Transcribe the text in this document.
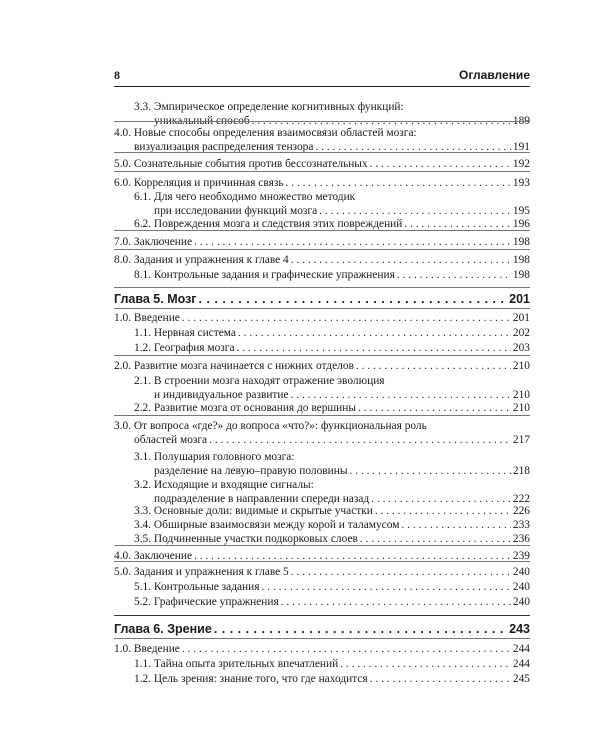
8	Оглавление
3.3. Эмпирическое определение когнитивных функций:
уникальный способ . . .	189
4.0. Новые способы определения взаимосвязи областей мозга:
визуализация распределения тензора . . .	191
5.0. Сознательные события против бессознательных . . .	192
6.0. Корреляция и причинная связь . . .	193
6.1. Для чего необходимо множество методик
при исследовании функций мозга . . .	195
6.2. Повреждения мозга и следствия этих повреждений . . .	196
7.0. Заключение . . .	198
8.0. Задания и упражнения к главе 4 . . .	198
8.1. Контрольные задания и графические упражнения . . .	198
Глава 5. Мозг . . .	201
1.0. Введение . . .	201
1.1. Нервная система . . .	202
1.2. География мозга . . .	203
2.0. Развитие мозга начинается с нижних отделов . . .	210
2.1. В строении мозга находят отражение эволюция
и индивидуальное развитие . . .	210
2.2. Развитие мозга от основания до вершины . . .	210
3.0. От вопроса «где?» до вопроса «что?»: функциональная роль
областей мозга . . .	217
3.1. Полушария головного мозга:
разделение на левую–правую половины . . .	218
3.2. Исходящие и входящие сигналы:
подразделение в направлении спереди назад . . .	222
3.3. Основные доли: видимые и скрытые участки . . .	226
3.4. Обширные взаимосвязи между корой и таламусом . . .	233
3.5. Подчиненные участки подкорковых слоев . . .	236
4.0. Заключение . . .	239
5.0. Задания и упражнения к главе 5 . . .	240
5.1. Контрольные задания . . .	240
5.2. Графические упражнения . . .	240
Глава 6. Зрение . . .	243
1.0. Введение . . .	244
1.1. Тайна опыта зрительных впечатлений . . .	244
1.2. Цель зрения: знание того, что где находится . . .	245
